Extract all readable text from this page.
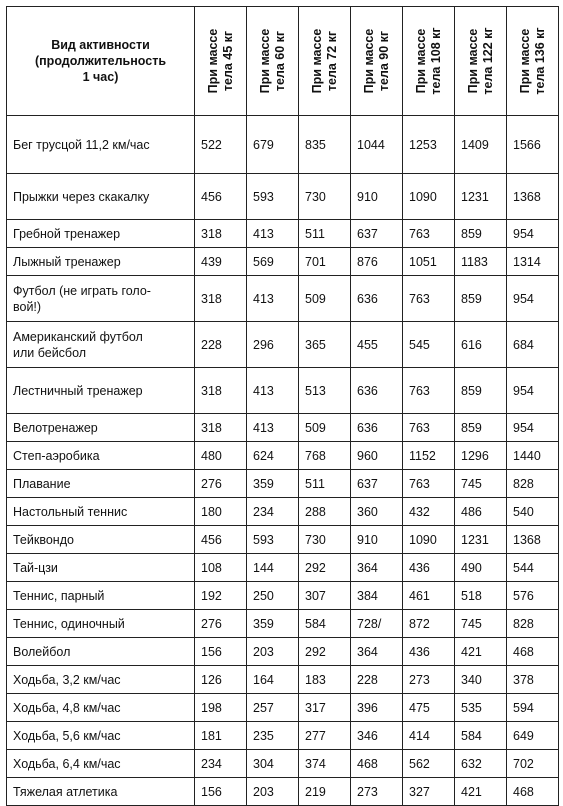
Вид активности
(продолжительность
1 час)	При массе тела 45 кг	При массе тела 60 кг	При массе тела 72 кг	При массе тела 90 кг	При массе тела 108 кг	При массе тела 122 кг	При массе тела 136 кг

Бег трусцой 11,2 км/час	522	679	835	1044	1253	1409	1566

Прыжки через скакалку	456	593	730	910	1090	1231	1368

Гребной тренажер	318	413	511	637	763	859	954

Лыжный тренажер	439	569	701	876	1051	1183	1314

Футбол (не играть голо-
вой!)	318	413	509	636	763	859	954

Американский футбол
или бейсбол	228	296	365	455	545	616	684

Лестничный тренажер	318	413	513	636	763	859	954

Велотренажер	318	413	509	636	763	859	954

Степ-аэробика	480	624	768	960	1152	1296	1440

Плавание	276	359	511	637	763	745	828

Настольный теннис	180	234	288	360	432	486	540

Тейквондо	456	593	730	910	1090	1231	1368

Тай-цзи	108	144	292	364	436	490	544

Теннис, парный	192	250	307	384	461	518	576

Теннис, одиночный	276	359	584	728/	872	745	828

Волейбол	156	203	292	364	436	421	468

Ходьба, 3,2 км/час	126	164	183	228	273	340	378

Ходьба, 4,8 км/час	198	257	317	396	475	535	594

Ходьба, 5,6 км/час	181	235	277	346	414	584	649

Ходьба, 6,4 км/час	234	304	374	468	562	632	702

Тяжелая атлетика	156	203	219	273	327	421	468
